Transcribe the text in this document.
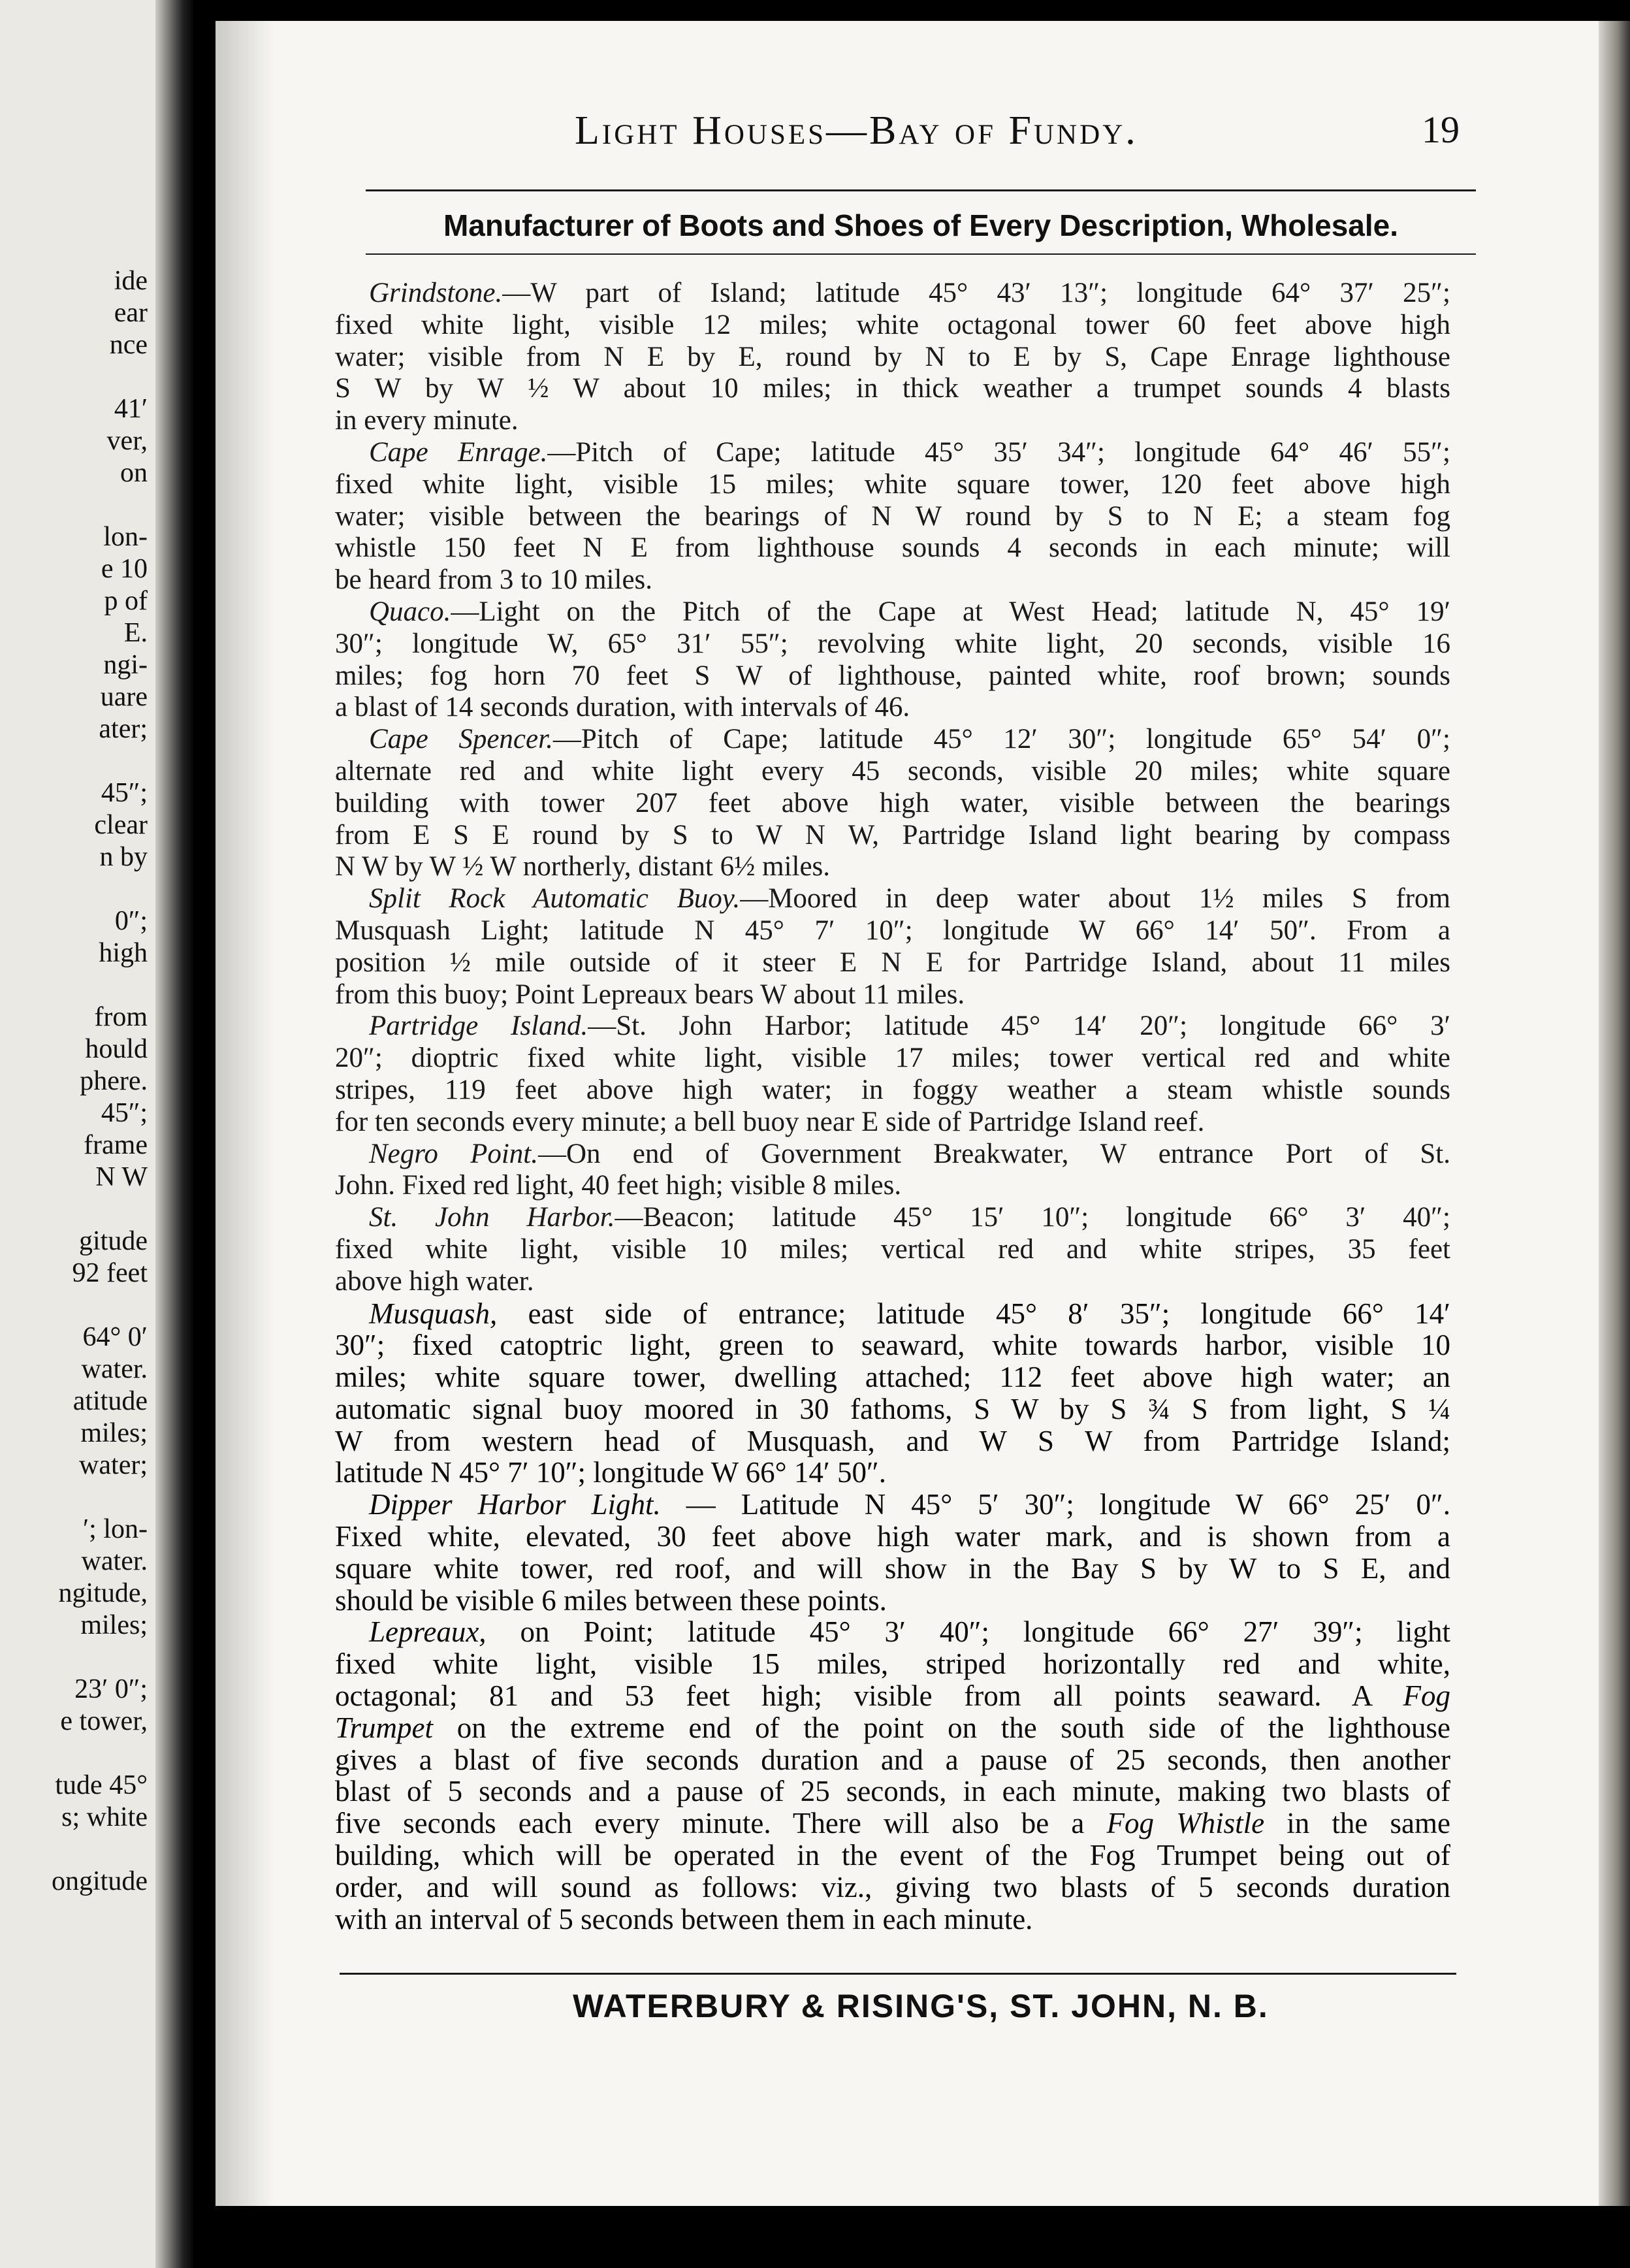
ide
ear
nce
41′
ver,
on
lon-
e 10
p of
E.
ngi-
uare
ater;
45″;
clear
n by
0″;
high
from
hould
phere.
45″;
frame
N W
gitude
92 feet
64° 0′
water.
atitude
miles;
water;
′; lon-
water.
ngitude,
miles;
23′ 0″;
e tower,
tude 45°
s; white
ongitude
Light Houses—Bay of Fundy.	19
Manufacturer of Boots and Shoes of Every Description, Wholesale.
Grindstone.—W part of Island; latitude 45° 43′ 13″; longitude 64° 37′ 25″;
fixed white light, visible 12 miles; white octagonal tower 60 feet above high
water; visible from N E by E, round by N to E by S, Cape Enrage lighthouse
S W by W ½ W about 10 miles; in thick weather a trumpet sounds 4 blasts
in every minute.
Cape Enrage.—Pitch of Cape; latitude 45° 35′ 34″; longitude 64° 46′ 55″;
fixed white light, visible 15 miles; white square tower, 120 feet above high
water; visible between the bearings of N W round by S to N E; a steam fog
whistle 150 feet N E from lighthouse sounds 4 seconds in each minute; will
be heard from 3 to 10 miles.
Quaco.—Light on the Pitch of the Cape at West Head; latitude N, 45° 19′
30″; longitude W, 65° 31′ 55″; revolving white light, 20 seconds, visible 16
miles; fog horn 70 feet S W of lighthouse, painted white, roof brown; sounds
a blast of 14 seconds duration, with intervals of 46.
Cape Spencer.—Pitch of Cape; latitude 45° 12′ 30″; longitude 65° 54′ 0″;
alternate red and white light every 45 seconds, visible 20 miles; white square
building with tower 207 feet above high water, visible between the bearings
from E S E round by S to W N W, Partridge Island light bearing by compass
N W by W ½ W northerly, distant 6½ miles.
Split Rock Automatic Buoy.—Moored in deep water about 1½ miles S from
Musquash Light; latitude N 45° 7′ 10″; longitude W 66° 14′ 50″. From a
position ½ mile outside of it steer E N E for Partridge Island, about 11 miles
from this buoy; Point Lepreaux bears W about 11 miles.
Partridge Island.—St. John Harbor; latitude 45° 14′ 20″; longitude 66° 3′
20″; dioptric fixed white light, visible 17 miles; tower vertical red and white
stripes, 119 feet above high water; in foggy weather a steam whistle sounds
for ten seconds every minute; a bell buoy near E side of Partridge Island reef.
Negro Point.—On end of Government Breakwater, W entrance Port of St.
John. Fixed red light, 40 feet high; visible 8 miles.
St. John Harbor.—Beacon; latitude 45° 15′ 10″; longitude 66° 3′ 40″;
fixed white light, visible 10 miles; vertical red and white stripes, 35 feet
above high water.
Musquash, east side of entrance; latitude 45° 8′ 35″; longitude 66° 14′
30″; fixed catoptric light, green to seaward, white towards harbor, visible 10
miles; white square tower, dwelling attached; 112 feet above high water; an
automatic signal buoy moored in 30 fathoms, S W by S ¾ S from light, S ¼
W from western head of Musquash, and W S W from Partridge Island;
latitude N 45° 7′ 10″; longitude W 66° 14′ 50″.
Dipper Harbor Light. — Latitude N 45° 5′ 30″; longitude W 66° 25′ 0″.
Fixed white, elevated, 30 feet above high water mark, and is shown from a
square white tower, red roof, and will show in the Bay S by W to S E, and
should be visible 6 miles between these points.
Lepreaux, on Point; latitude 45° 3′ 40″; longitude 66° 27′ 39″; light
fixed white light, visible 15 miles, striped horizontally red and white,
octagonal; 81 and 53 feet high; visible from all points seaward. A Fog
Trumpet on the extreme end of the point on the south side of the lighthouse
gives a blast of five seconds duration and a pause of 25 seconds, then another
blast of 5 seconds and a pause of 25 seconds, in each minute, making two blasts of
five seconds each every minute. There will also be a Fog Whistle in the same
building, which will be operated in the event of the Fog Trumpet being out of
order, and will sound as follows: viz., giving two blasts of 5 seconds duration
with an interval of 5 seconds between them in each minute.
WATERBURY & RISING'S, ST. JOHN, N. B.
